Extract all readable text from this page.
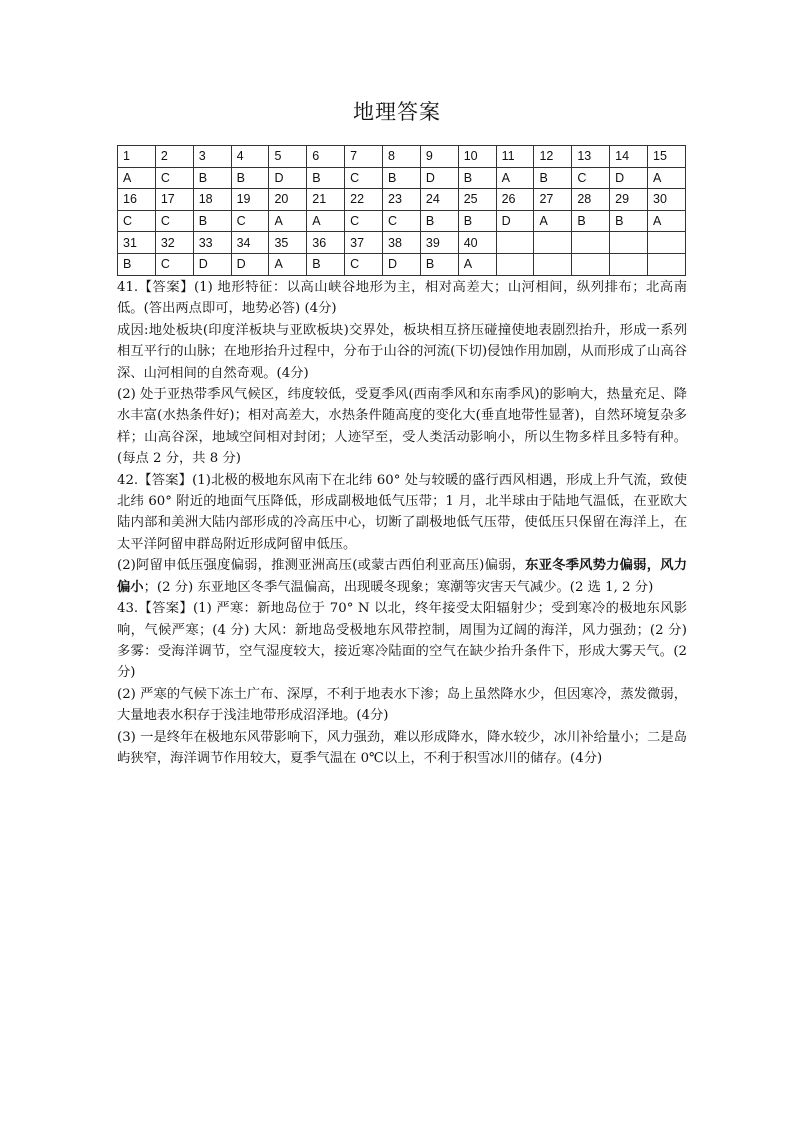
地理答案
1	2	3	4	5	6	7	8	9	10	11	12	13	14	15
A	C	B	B	D	B	C	B	D	B	A	B	C	D	A
16	17	18	19	20	21	22	23	24	25	26	27	28	29	30
C	C	B	C	A	A	C	C	B	B	D	A	B	B	A
31	32	33	34	35	36	37	38	39	40					
B	C	D	D	A	B	C	D	B	A					

41.【答案】(1) 地形特征：以高山峡谷地形为主，相对高差大；山河相间，纵列排布；北高南低。(答出两点即可，地势必答) (4分)

成因:地处板块(印度洋板块与亚欧板块)交界处，板块相互挤压碰撞使地表剧烈抬升，形成一系列相互平行的山脉；在地形抬升过程中，分布于山谷的河流(下切)侵蚀作用加剧，从而形成了山高谷深、山河相间的自然奇观。(4分)

(2) 处于亚热带季风气候区，纬度较低，受夏季风(西南季风和东南季风)的影响大，热量充足、降水丰富(水热条件好)；相对高差大，水热条件随高度的变化大(垂直地带性显著)，自然环境复杂多样；山高谷深，地域空间相对封闭；人迹罕至，受人类活动影响小，所以生物多样且多特有种。(每点 2 分，共 8 分)

42.【答案】(1)北极的极地东风南下在北纬 60° 处与较暖的盛行西风相遇，形成上升气流，致使北纬 60° 附近的地面气压降低，形成副极地低气压带；1 月，北半球由于陆地气温低，在亚欧大陆内部和美洲大陆内部形成的冷高压中心，切断了副极地低气压带，使低压只保留在海洋上，在太平洋阿留申群岛附近形成阿留申低压。

(2)阿留申低压强度偏弱，推测亚洲高压(或蒙古西伯利亚高压)偏弱，东亚冬季风势力偏弱，风力偏小；(2 分) 东亚地区冬季气温偏高，出现暖冬现象；寒潮等灾害天气减少。(2 选 1, 2 分)

43.【答案】(1) 严寒：新地岛位于 70° N 以北，终年接受太阳辐射少；受到寒冷的极地东风影响，气候严寒；(4 分) 大风：新地岛受极地东风带控制，周围为辽阔的海洋，风力强劲；(2 分) 多雾：受海洋调节，空气湿度较大，接近寒冷陆面的空气在缺少抬升条件下，形成大雾天气。(2 分)

(2) 严寒的气候下冻土广布、深厚，不利于地表水下渗；岛上虽然降水少，但因寒冷，蒸发微弱，大量地表水积存于浅洼地带形成沼泽地。(4分)

(3) 一是终年在极地东风带影响下，风力强劲，难以形成降水，降水较少，冰川补给量小；二是岛屿狭窄，海洋调节作用较大，夏季气温在 0℃以上，不利于积雪冰川的储存。(4分)
